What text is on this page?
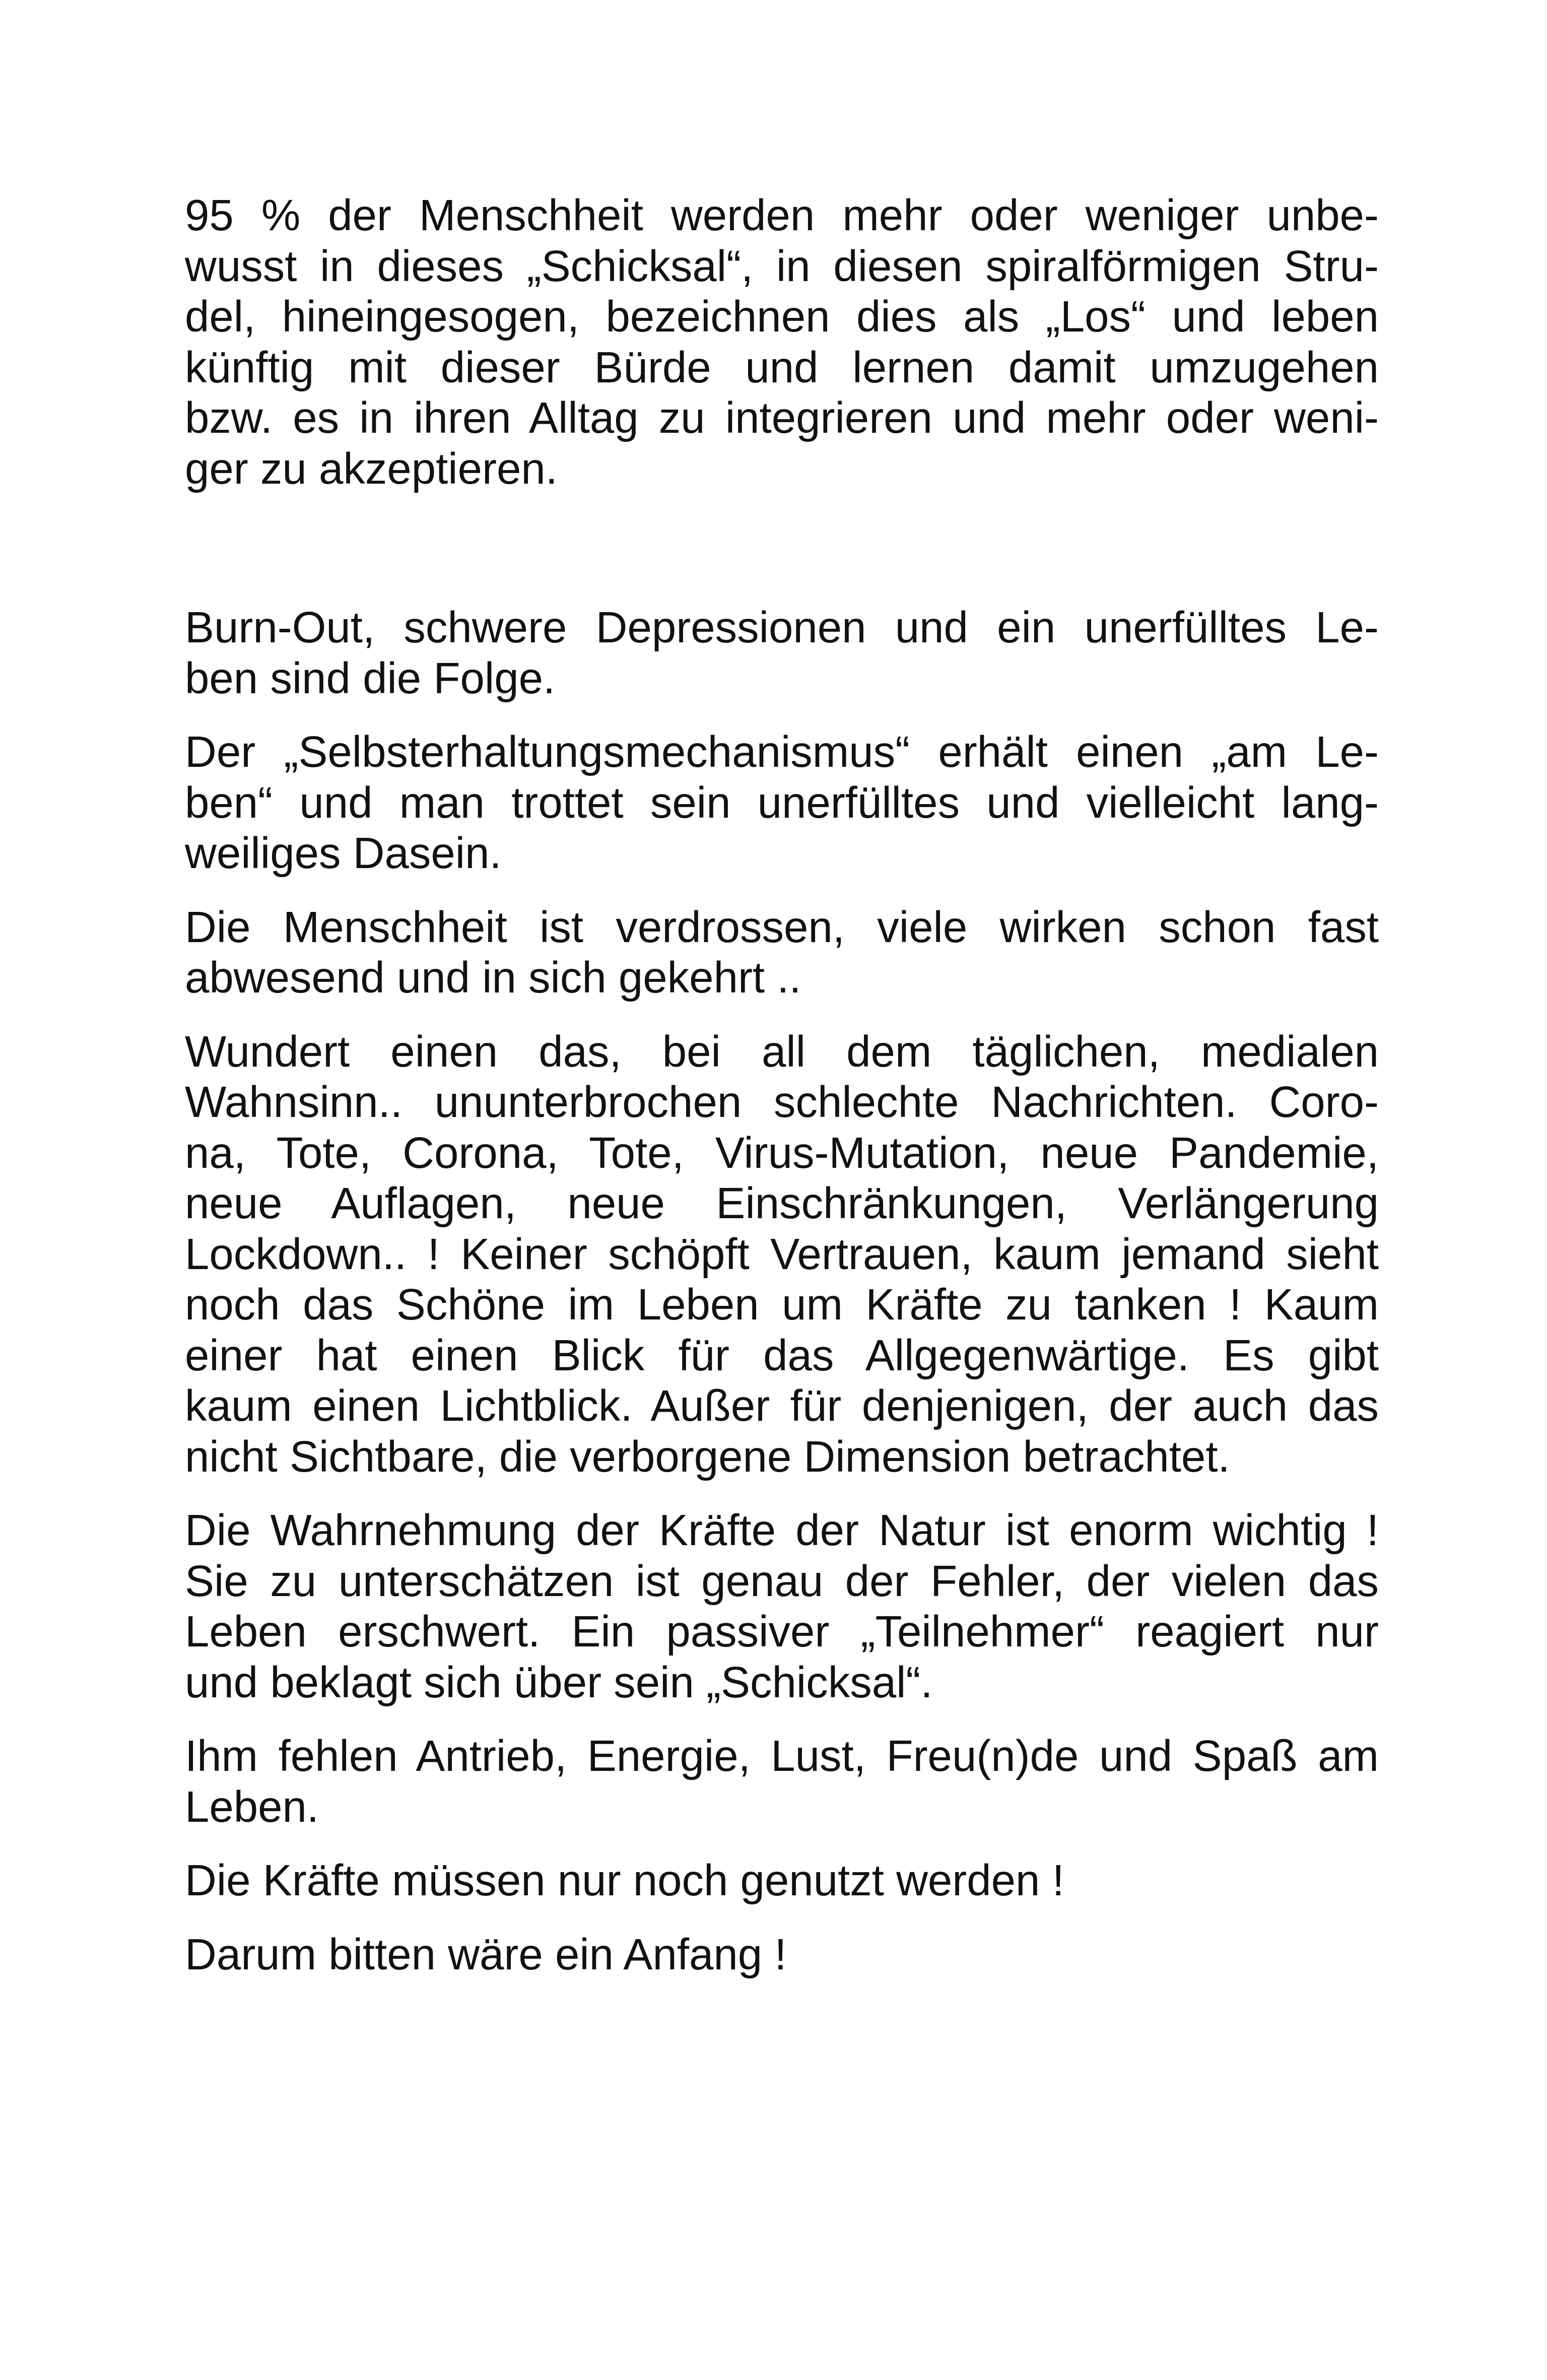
95 % der Menschheit werden mehr oder weniger unbe-
wusst in dieses „Schicksal“, in diesen spiralförmigen Stru-
del, hineingesogen, bezeichnen dies als „Los“ und leben
künftig mit dieser Bürde und lernen damit umzugehen
bzw. es in ihren Alltag zu integrieren und mehr oder weni-
ger zu akzeptieren.
Burn-Out, schwere Depressionen und ein unerfülltes Le-
ben sind die Folge.
Der „Selbsterhaltungsmechanismus“ erhält einen „am Le-
ben“ und man trottet sein unerfülltes und vielleicht lang-
weiliges Dasein.
Die Menschheit ist verdrossen, viele wirken schon fast
abwesend und in sich gekehrt ..
Wundert einen das, bei all dem täglichen, medialen
Wahnsinn.. ununterbrochen schlechte Nachrichten. Coro-
na, Tote, Corona, Tote, Virus-Mutation, neue Pandemie,
neue Auflagen, neue Einschränkungen, Verlängerung
Lockdown.. ! Keiner schöpft Vertrauen, kaum jemand sieht
noch das Schöne im Leben um Kräfte zu tanken ! Kaum
einer hat einen Blick für das Allgegenwärtige. Es gibt
kaum einen Lichtblick. Außer für denjenigen, der auch das
nicht Sichtbare, die verborgene Dimension betrachtet.
Die Wahrnehmung der Kräfte der Natur ist enorm wichtig !
Sie zu unterschätzen ist genau der Fehler, der vielen das
Leben erschwert. Ein passiver „Teilnehmer“ reagiert nur
und beklagt sich über sein „Schicksal“.
Ihm fehlen Antrieb, Energie, Lust, Freu(n)de und Spaß am
Leben.
Die Kräfte müssen nur noch genutzt werden !
Darum bitten wäre ein Anfang !
